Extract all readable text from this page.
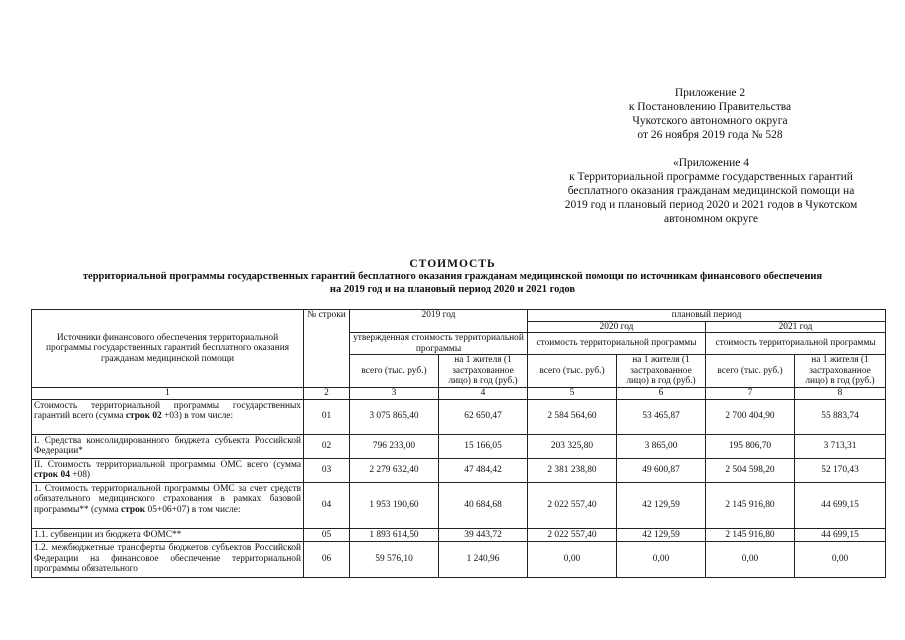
Приложение 2
к Постановлению Правительства
Чукотского автономного округа
от 26 ноября 2019 года № 528
«Приложение 4
к Территориальной программе государственных гарантий
бесплатного оказания гражданам медицинской помощи на
2019 год и плановый период 2020 и 2021 годов в Чукотском
автономном округе
СТОИМОСТЬ
территориальной программы государственных гарантий бесплатного оказания гражданам медицинской помощи по источникам финансового обеспечения
на 2019 год и на плановый период 2020 и 2021 годов
Источники финансового обеспечения территориальной программы государственных гарантий бесплатного оказания гражданам медицинской помощи	№ строки	2019 год		плановый период			
				2020 год		2021 год	
		утвержденная стоимость территориальной программы		стоимость территориальной программы		стоимость территориальной программы	
		всего (тыс. руб.)	на 1 жителя (1 застрахованное лицо) в год (руб.)	всего (тыс. руб.)	на 1 жителя (1 застрахованное лицо) в год (руб.)	всего (тыс. руб.)	на 1 жителя (1 застрахованное лицо) в год (руб.)
1	2	3	4	5	6	7	8
Стоимость территориальной программы государственных гарантий всего (сумма строк 02 +03) в том числе:	01	3 075 865,40	62 650,47	2 584 564,60	53 465,87	2 700 404,90	55 883,74
I. Средства консолидированного бюджета субъекта Российской Федерации*	02	796 233,00	15 166,05	203 325,80	3 865,00	195 806,70	3 713,31
II. Стоимость территориальной программы ОМС всего (сумма строк 04 +08)	03	2 279 632,40	47 484,42	2 381 238,80	49 600,87	2 504 598,20	52 170,43
1. Стоимость территориальной программы ОМС за счет средств обязательного медицинского страхования в рамках базовой программы** (сумма строк 05+06+07) в том числе:	04	1 953 190,60	40 684,68	2 022 557,40	42 129,59	2 145 916,80	44 699,15
1.1. субвенции из бюджета ФОМС**	05	1 893 614,50	39 443,72	2 022 557,40	42 129,59	2 145 916,80	44 699,15
1.2. межбюджетные трансферты бюджетов субъектов Российской Федерации на финансовое обеспечение территориальной программы обязательного	06	59 576,10	1 240,96	0,00	0,00	0,00	0,00
